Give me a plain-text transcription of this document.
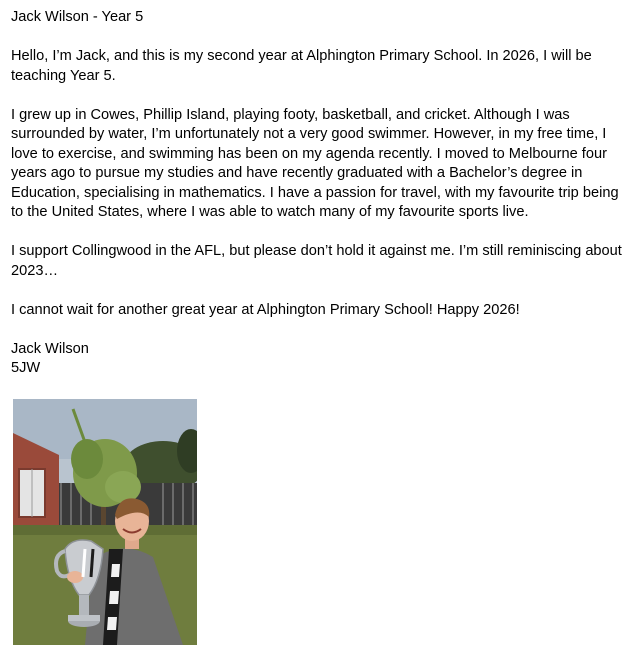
Jack Wilson - Year 5

Hello, I’m Jack, and this is my second year at Alphington Primary School. In 2026, I will be teaching Year 5.

I grew up in Cowes, Phillip Island, playing footy, basketball, and cricket. Although I was surrounded by water, I’m unfortunately not a very good swimmer. However, in my free time, I love to exercise, and swimming has been on my agenda recently. I moved to Melbourne four years ago to pursue my studies and have recently graduated with a Bachelor’s degree in Education, specialising in mathematics. I have a passion for travel, with my favourite trip being to the United States, where I was able to watch many of my favourite sports live.

I support Collingwood in the AFL, but please don’t hold it against me. I’m still reminiscing about 2023…

I cannot wait for another great year at Alphington Primary School! Happy 2026!

Jack Wilson

5JW
